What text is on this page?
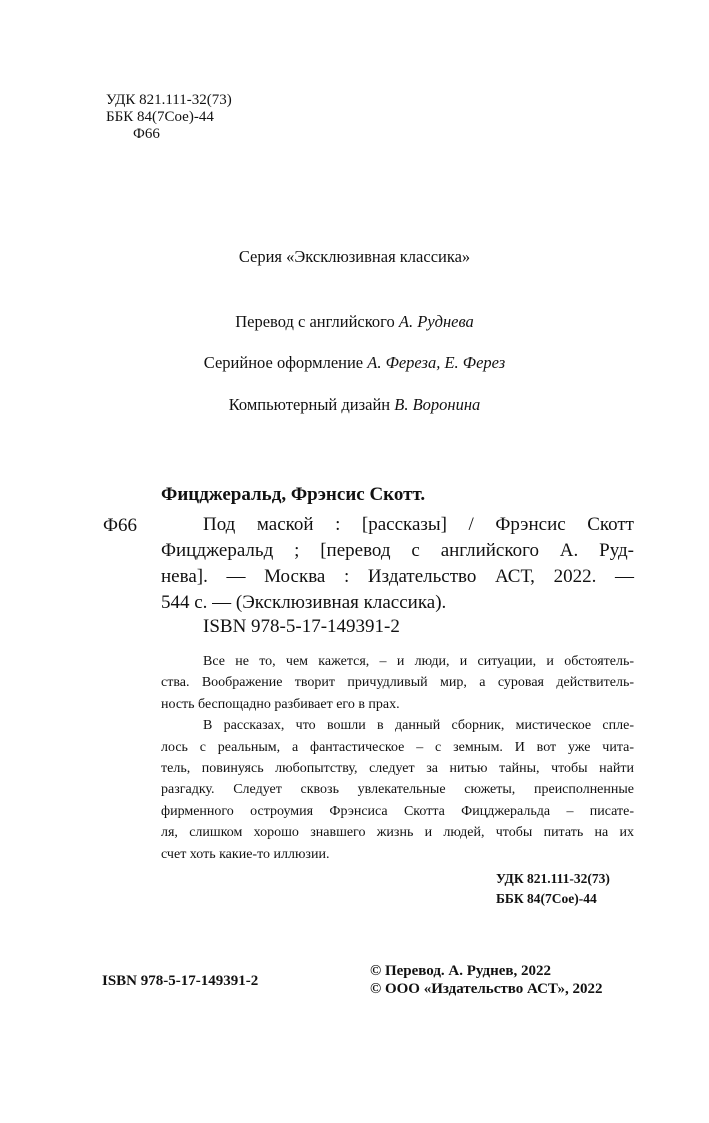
УДК 821.111-32(73)
ББК 84(7Сое)-44
Ф66
Серия «Эксклюзивная классика»
Перевод с английского А. Руднева
Серийное оформление А. Фереза, Е. Ферез
Компьютерный дизайн В. Воронина
Фицджеральд, Фрэнсис Скотт.
Ф66	Под маской : [рассказы] / Фрэнсис Скотт
Фицджеральд ; [перевод с английского А. Руд-
нева]. — Москва : Издательство АСТ, 2022. —
544 с. — (Эксклюзивная классика).
ISBN 978-5-17-149391-2
Все не то, чем кажется, – и люди, и ситуации, и обстоятель-
ства. Воображение творит причудливый мир, а суровая действитель-
ность беспощадно разбивает его в прах.
В рассказах, что вошли в данный сборник, мистическое спле-
лось с реальным, а фантастическое – с земным. И вот уже чита-
тель, повинуясь любопытству, следует за нитью тайны, чтобы найти
разгадку. Следует сквозь увлекательные сюжеты, преисполненные
фирменного остроумия Фрэнсиса Скотта Фицджеральда – писате-
ля, слишком хорошо знавшего жизнь и людей, чтобы питать на их
счет хоть какие-то иллюзии.
УДК 821.111-32(73)
ББК 84(7Сое)-44
ISBN 978-5-17-149391-2
© Перевод. А. Руднев, 2022
© ООО «Издательство АСТ», 2022
